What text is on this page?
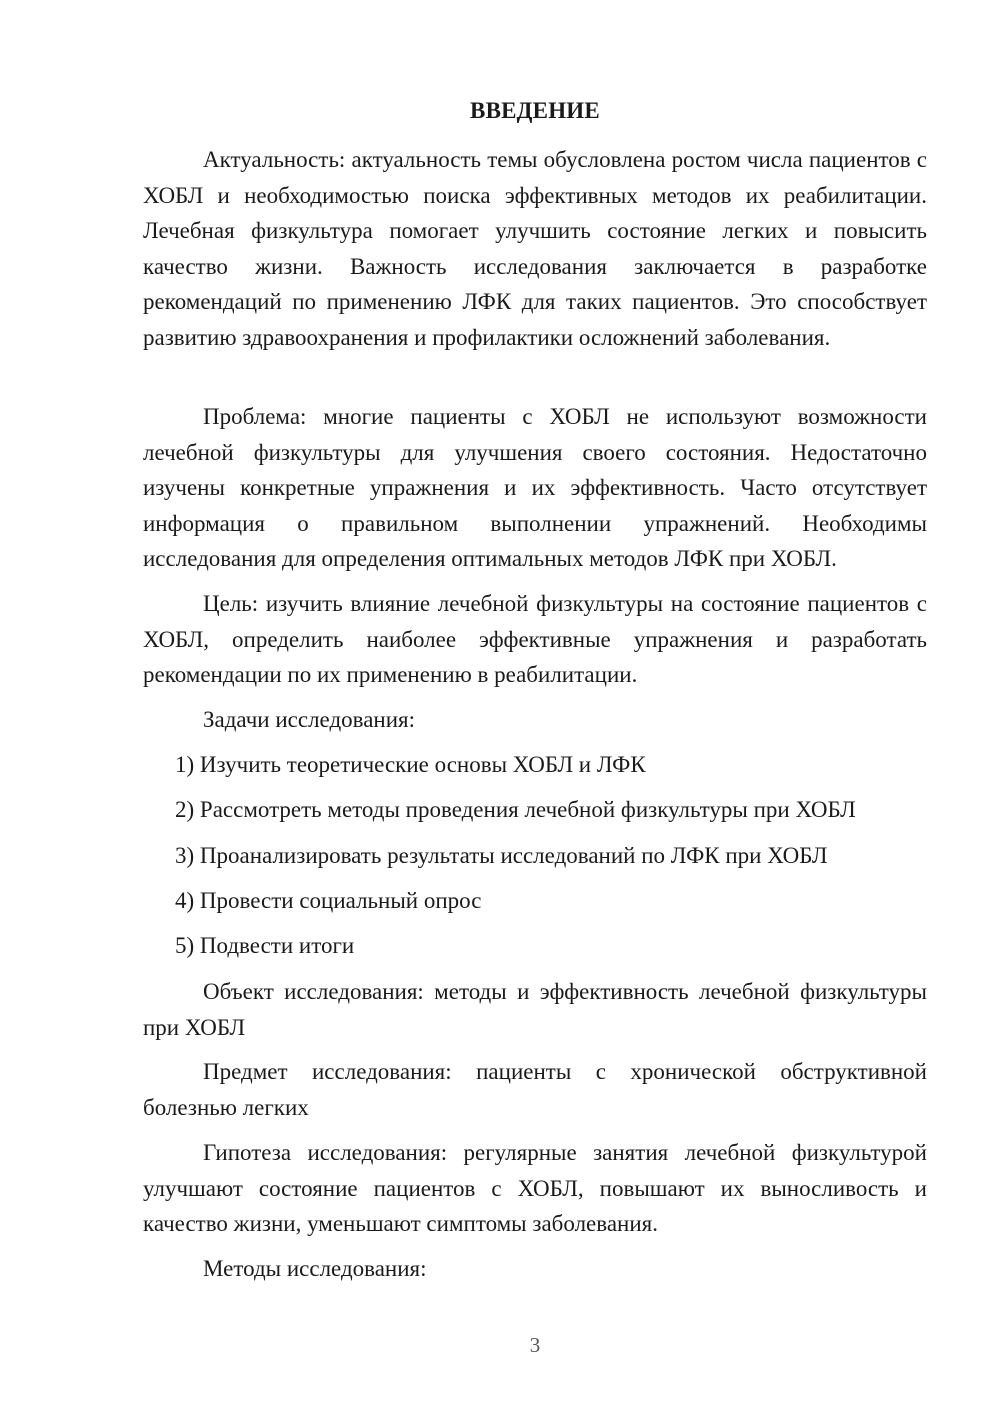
ВВЕДЕНИЕ

Актуальность: актуальность темы обусловлена ростом числа пациентов с ХОБЛ и необходимостью поиска эффективных методов их реабилитации. Лечебная физкультура помогает улучшить состояние легких и повысить качество жизни. Важность исследования заключается в разработке рекомендаций по применению ЛФК для таких пациентов. Это способствует развитию здравоохранения и профилактики осложнений заболевания.

Проблема: многие пациенты с ХОБЛ не используют возможности лечебной физкультуры для улучшения своего состояния. Недостаточно изучены конкретные упражнения и их эффективность. Часто отсутствует информация о правильном выполнении упражнений. Необходимы исследования для определения оптимальных методов ЛФК при ХОБЛ.

Цель: изучить влияние лечебной физкультуры на состояние пациентов с ХОБЛ, определить наиболее эффективные упражнения и разработать рекомендации по их применению в реабилитации.

Задачи исследования:

1) Изучить теоретические основы ХОБЛ и ЛФК

2) Рассмотреть методы проведения лечебной физкультуры при ХОБЛ

3) Проанализировать результаты исследований по ЛФК при ХОБЛ

4) Провести социальный опрос

5) Подвести итоги

Объект исследования: методы и эффективность лечебной физкультуры при ХОБЛ

Предмет исследования: пациенты с хронической обструктивной болезнью легких

Гипотеза исследования: регулярные занятия лечебной физкультурой улучшают состояние пациентов с ХОБЛ, повышают их выносливость и качество жизни, уменьшают симптомы заболевания.

Методы исследования:

3
